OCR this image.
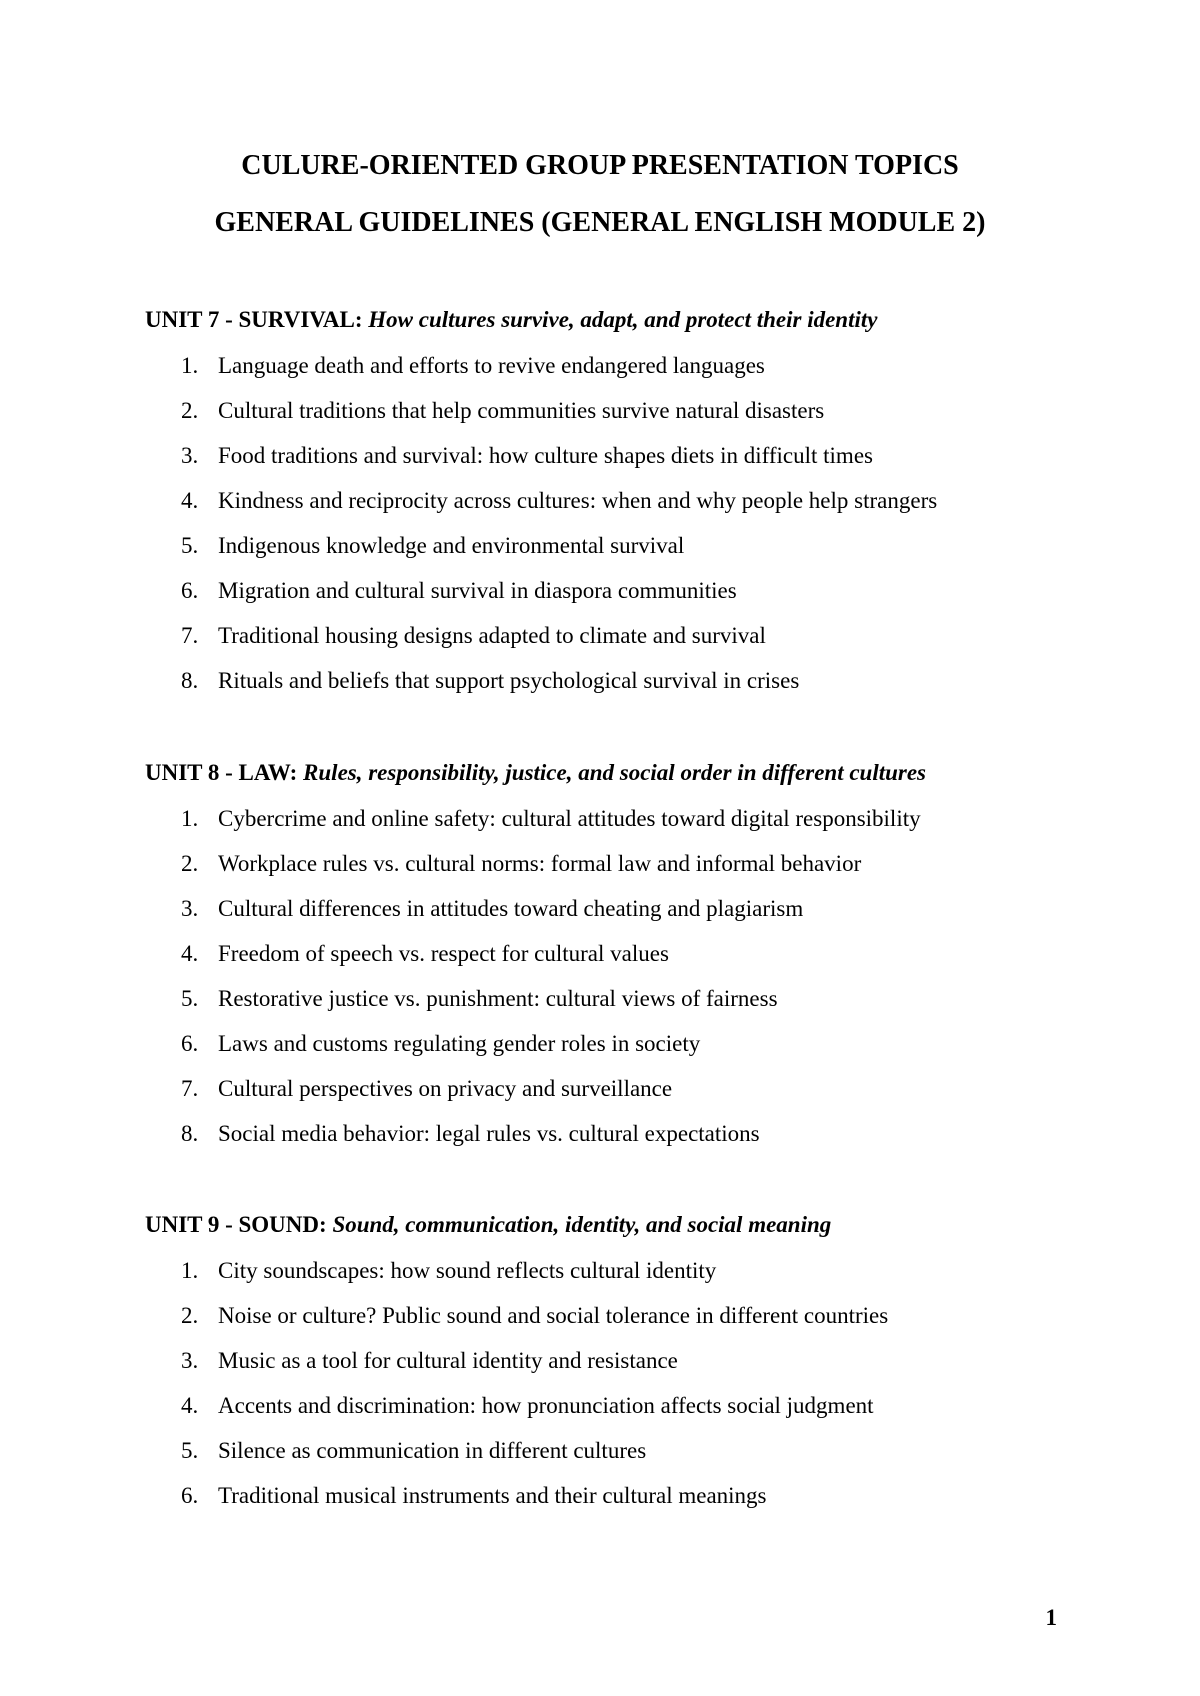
CULURE-ORIENTED GROUP PRESENTATION TOPICS
GENERAL GUIDELINES (GENERAL ENGLISH MODULE 2)
UNIT 7 - SURVIVAL: How cultures survive, adapt, and protect their identity
1. Language death and efforts to revive endangered languages
2. Cultural traditions that help communities survive natural disasters
3. Food traditions and survival: how culture shapes diets in difficult times
4. Kindness and reciprocity across cultures: when and why people help strangers
5. Indigenous knowledge and environmental survival
6. Migration and cultural survival in diaspora communities
7. Traditional housing designs adapted to climate and survival
8. Rituals and beliefs that support psychological survival in crises
UNIT 8 - LAW: Rules, responsibility, justice, and social order in different cultures
1. Cybercrime and online safety: cultural attitudes toward digital responsibility
2. Workplace rules vs. cultural norms: formal law and informal behavior
3. Cultural differences in attitudes toward cheating and plagiarism
4. Freedom of speech vs. respect for cultural values
5. Restorative justice vs. punishment: cultural views of fairness
6. Laws and customs regulating gender roles in society
7. Cultural perspectives on privacy and surveillance
8. Social media behavior: legal rules vs. cultural expectations
UNIT 9 - SOUND: Sound, communication, identity, and social meaning
1. City soundscapes: how sound reflects cultural identity
2. Noise or culture? Public sound and social tolerance in different countries
3. Music as a tool for cultural identity and resistance
4. Accents and discrimination: how pronunciation affects social judgment
5. Silence as communication in different cultures
6. Traditional musical instruments and their cultural meanings
1
